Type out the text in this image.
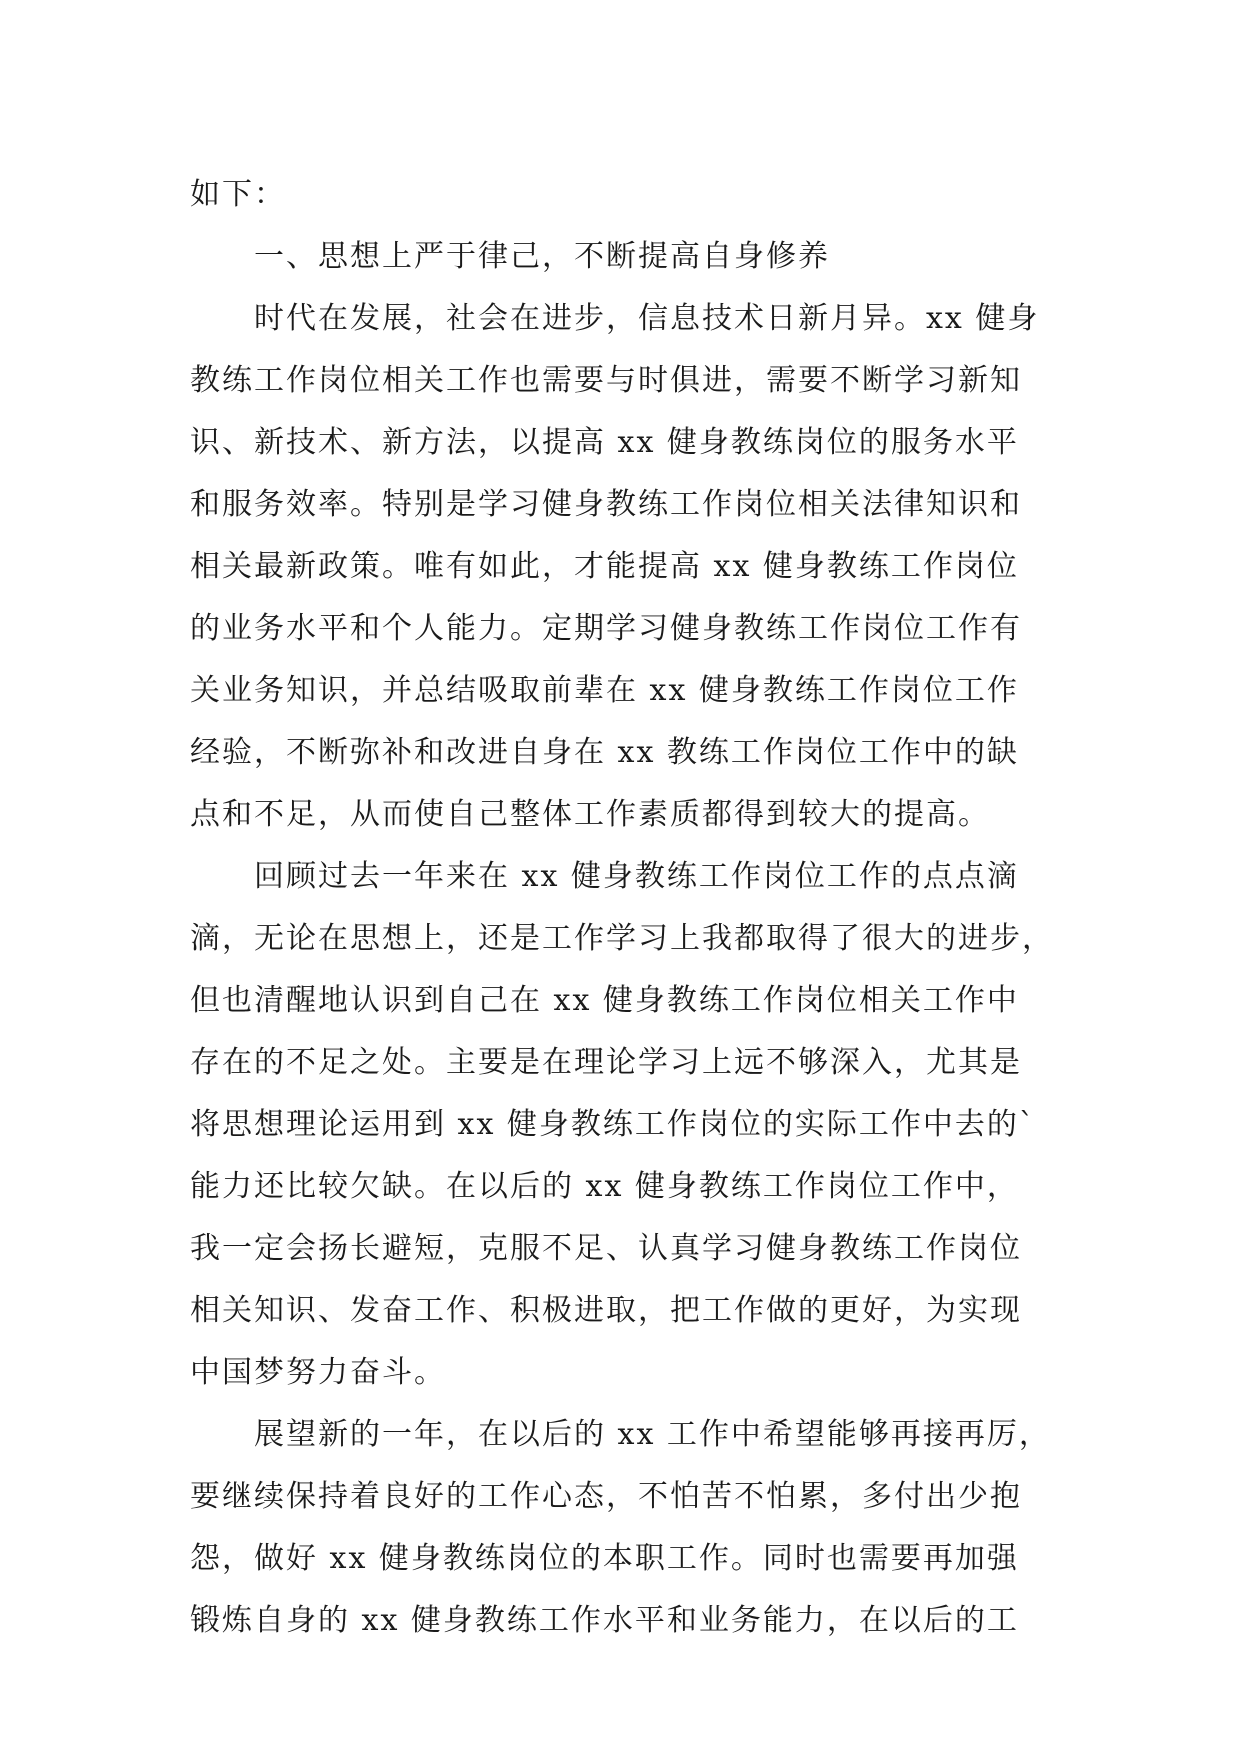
如下：
一、思想上严于律己，不断提高自身修养
时代在发展，社会在进步，信息技术日新月异。xx 健身
教练工作岗位相关工作也需要与时俱进，需要不断学习新知
识、新技术、新方法，以提高 xx 健身教练岗位的服务水平
和服务效率。特别是学习健身教练工作岗位相关法律知识和
相关最新政策。唯有如此，才能提高 xx 健身教练工作岗位
的业务水平和个人能力。定期学习健身教练工作岗位工作有
关业务知识，并总结吸取前辈在 xx 健身教练工作岗位工作
经验，不断弥补和改进自身在 xx 教练工作岗位工作中的缺
点和不足，从而使自己整体工作素质都得到较大的提高。
回顾过去一年来在 xx 健身教练工作岗位工作的点点滴
滴，无论在思想上，还是工作学习上我都取得了很大的进步，
但也清醒地认识到自己在 xx 健身教练工作岗位相关工作中
存在的不足之处。主要是在理论学习上远不够深入，尤其是
将思想理论运用到 xx 健身教练工作岗位的实际工作中去的`
能力还比较欠缺。在以后的 xx 健身教练工作岗位工作中，
我一定会扬长避短，克服不足、认真学习健身教练工作岗位
相关知识、发奋工作、积极进取，把工作做的更好，为实现
中国梦努力奋斗。
展望新的一年，在以后的 xx 工作中希望能够再接再厉，
要继续保持着良好的工作心态，不怕苦不怕累，多付出少抱
怨，做好 xx 健身教练岗位的本职工作。同时也需要再加强
锻炼自身的 xx 健身教练工作水平和业务能力，在以后的工
